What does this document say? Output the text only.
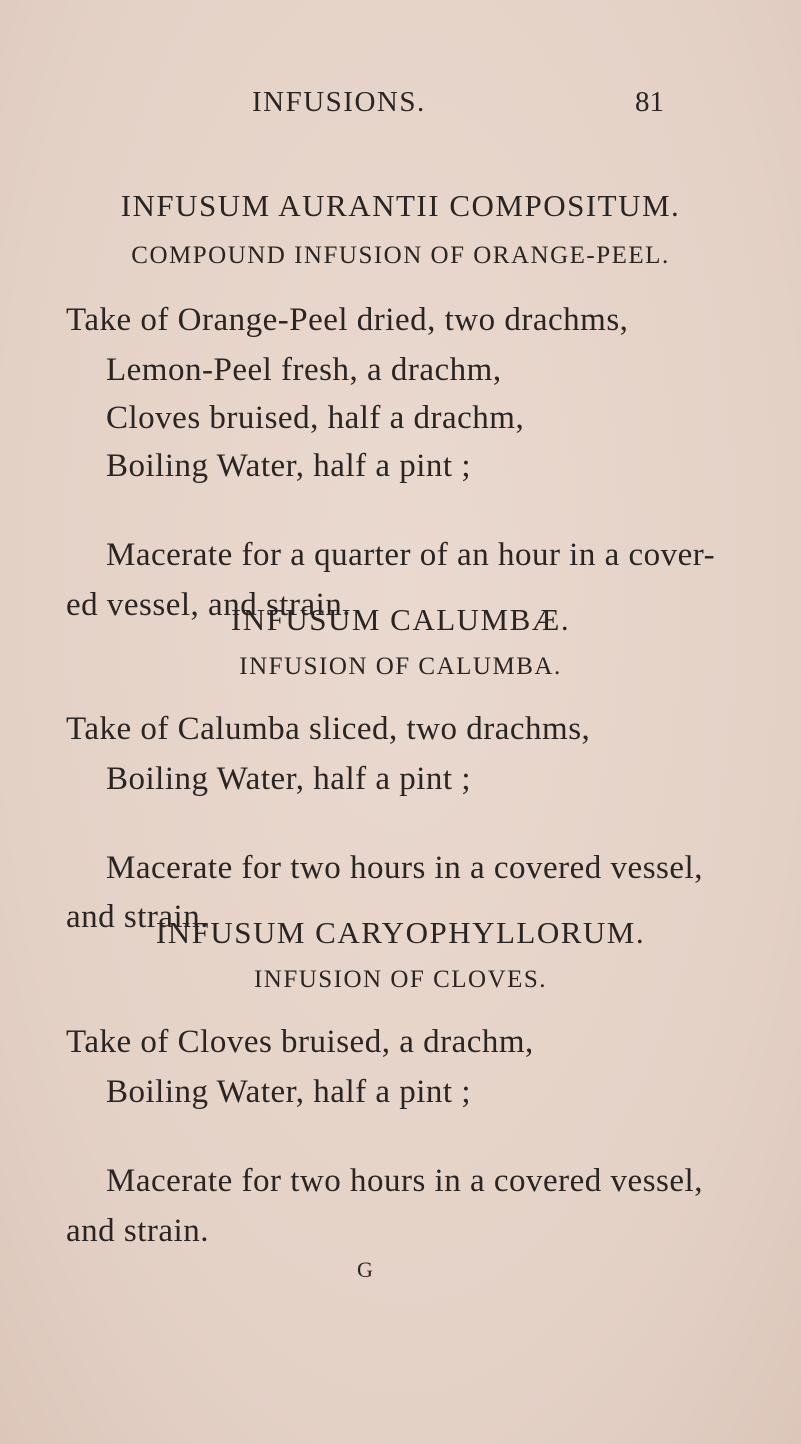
INFUSIONS.	81
INFUSUM AURANTII COMPOSITUM.
COMPOUND INFUSION OF ORANGE-PEEL.
Take of Orange-Peel dried, two drachms,
Lemon-Peel fresh, a drachm,
Cloves bruised, half a drachm,
Boiling Water, half a pint ;
Macerate for a quarter of an hour in a cover-
ed vessel, and strain.
INFUSUM CALUMBÆ.
INFUSION OF CALUMBA.
Take of Calumba sliced, two drachms,
Boiling Water, half a pint ;
Macerate for two hours in a covered vessel,
and strain.
INFUSUM CARYOPHYLLORUM.
INFUSION OF CLOVES.
Take of Cloves bruised, a drachm,
Boiling Water, half a pint ;
Macerate for two hours in a covered vessel,
and strain.
G
